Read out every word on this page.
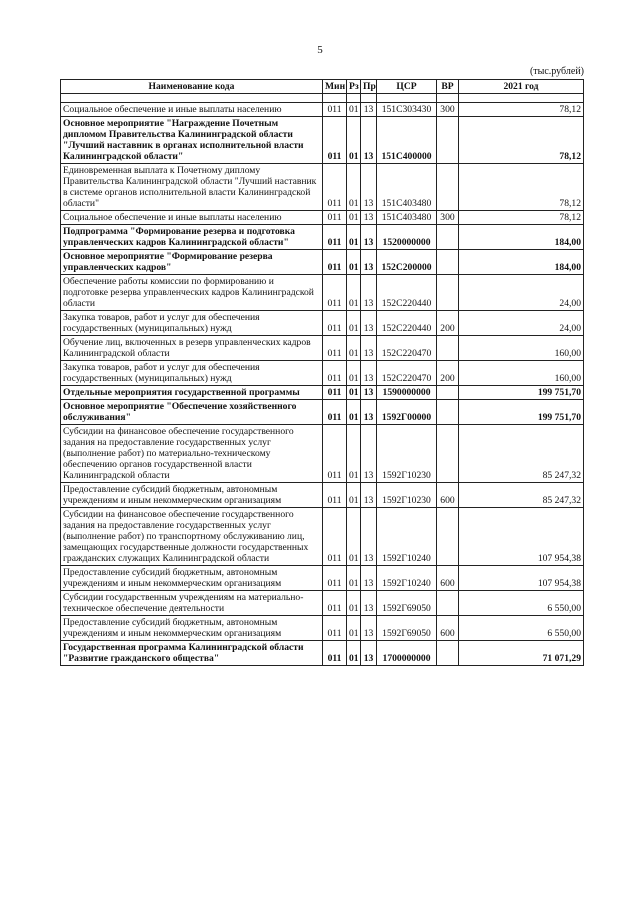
5
(тыс.рублей)
Наименование кода	Мин	Рз	Пр	ЦСР	ВР	2021 год

Социальное обеспечение и иные выплаты населению	011	01	13	151С303430	300	78,12
Основное мероприятие "Награждение Почетным дипломом Правительства Калининградской области "Лучший наставник в органах исполнительной власти Калининградской области"	011	01	13	151С400000		78,12
Единовременная выплата к Почетному диплому Правительства Калининградской области "Лучший наставник в системе органов исполнительной власти Калининградской области"	011	01	13	151С403480		78,12
Социальное обеспечение и иные выплаты населению	011	01	13	151С403480	300	78,12
Подпрограмма "Формирование резерва и подготовка управленческих кадров Калининградской области"	011	01	13	1520000000		184,00
Основное мероприятие "Формирование резерва управленческих кадров"	011	01	13	152С200000		184,00
Обеспечение работы комиссии по формированию и подготовке резерва управленческих кадров Калининградской области	011	01	13	152С220440		24,00
Закупка товаров, работ и услуг для обеспечения государственных (муниципальных) нужд	011	01	13	152С220440	200	24,00
Обучение лиц, включенных в резерв управленческих кадров Калининградской области	011	01	13	152С220470		160,00
Закупка товаров, работ и услуг для обеспечения государственных (муниципальных) нужд	011	01	13	152С220470	200	160,00
Отдельные мероприятия государственной программы	011	01	13	1590000000		199 751,70
Основное мероприятие "Обеспечение хозяйственного обслуживания"	011	01	13	1592Г00000		199 751,70
Субсидии на финансовое обеспечение государственного задания на предоставление государственных услуг (выполнение работ) по материально-техническому обеспечению органов государственной власти Калининградской области	011	01	13	1592Г10230		85 247,32
Предоставление субсидий бюджетным, автономным учреждениям и иным некоммерческим организациям	011	01	13	1592Г10230	600	85 247,32
Субсидии на финансовое обеспечение государственного задания на предоставление государственных услуг (выполнение работ) по транспортному обслуживанию лиц, замещающих государственные должности государственных гражданских служащих Калининградской области	011	01	13	1592Г10240		107 954,38
Предоставление субсидий бюджетным, автономным учреждениям и иным некоммерческим организациям	011	01	13	1592Г10240	600	107 954,38
Субсидии государственным учреждениям на материально-техническое обеспечение деятельности	011	01	13	1592Г69050		6 550,00
Предоставление субсидий бюджетным, автономным учреждениям и иным некоммерческим организациям	011	01	13	1592Г69050	600	6 550,00
Государственная программа Калининградской области "Развитие гражданского общества"	011	01	13	1700000000		71 071,29
